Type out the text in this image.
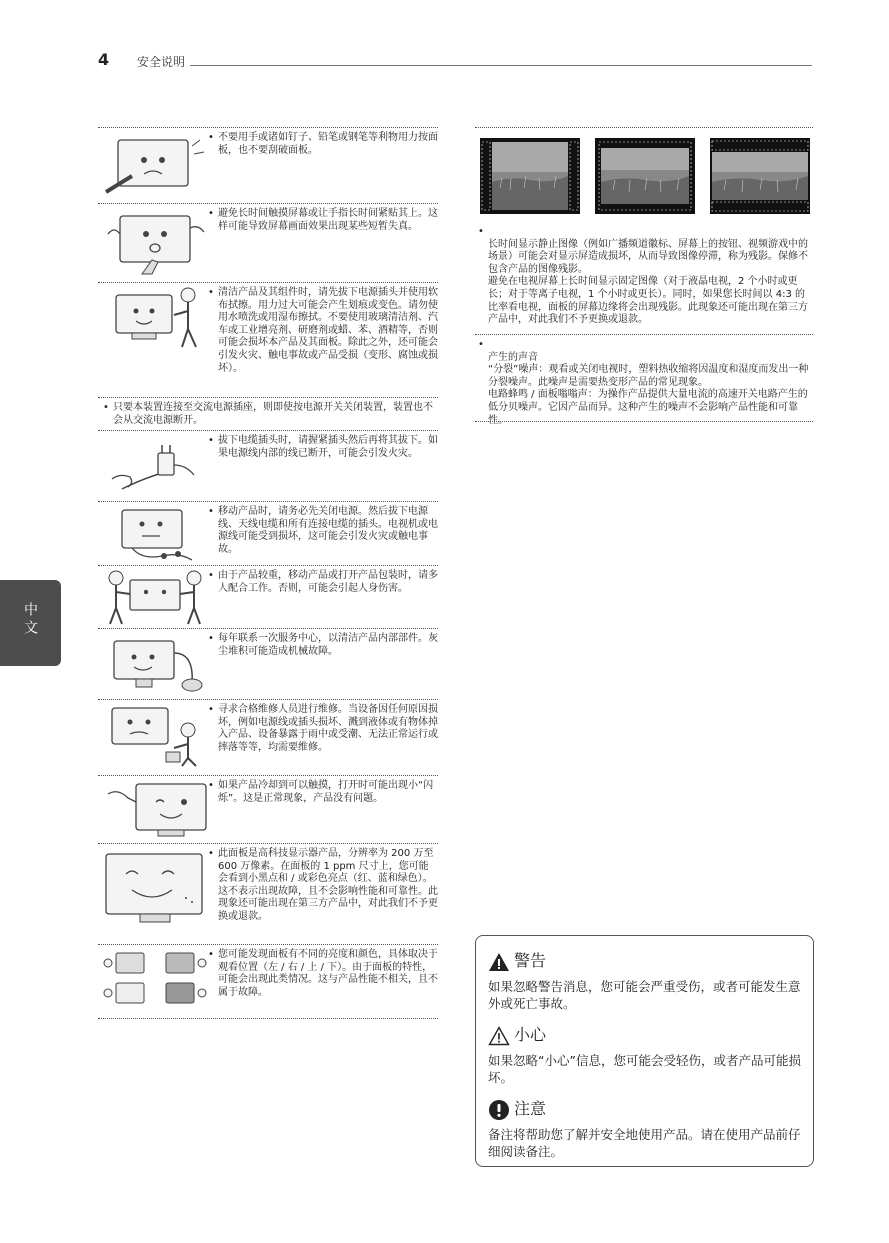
4 安全说明
中文
• 不要用手或诸如钉子、铅笔或钢笔等利物用力按面板，也不要刮破面板。
• 避免长时间触摸屏幕或让手指长时间紧贴其上。这样可能导致屏幕画面效果出现某些短暂失真。
• 清洁产品及其组件时，请先拔下电源插头并使用软布拭擦。用力过大可能会产生划痕或变色。请勿使用水喷洗或用湿布擦拭。不要使用玻璃清洁剂、汽车或工业增亮剂、研磨剂或蜡、苯、酒精等，否则可能会损坏本产品及其面板。除此之外，还可能会引发火灾、触电事故或产品受损（变形、腐蚀或损坏）。
• 只要本装置连接至交流电源插座，则即使按电源开关关闭装置，装置也不会从交流电源断开。
• 拔下电缆插头时，请握紧插头然后再将其拔下。如果电源线内部的线已断开，可能会引发火灾。
• 移动产品时，请务必先关闭电源。然后拔下电源线、天线电缆和所有连接电缆的插头。电视机或电源线可能受到损坏，这可能会引发火灾或触电事故。
• 由于产品较重，移动产品或打开产品包装时，请多人配合工作。否则，可能会引起人身伤害。
• 每年联系一次服务中心，以清洁产品内部部件。灰尘堆积可能造成机械故障。
• 寻求合格维修人员进行维修。当设备因任何原因损坏，例如电源线或插头损坏、溅到液体或有物体掉入产品、设备暴露于雨中或受潮、无法正常运行或摔落等等，均需要维修。
• 如果产品冷却到可以触摸，打开时可能出现小“闪烁”。这是正常现象，产品没有问题。
• 此面板是高科技显示器产品，分辨率为 200 万至 600 万像素。在面板的 1 ppm 尺寸上，您可能会看到小黑点和 / 或彩色亮点（红、蓝和绿色）。这不表示出现故障，且不会影响性能和可靠性。此现象还可能出现在第三方产品中，对此我们不予更换或退款。
• 您可能发现面板有不同的亮度和颜色，具体取决于观看位置（左 / 右 / 上 / 下）。由于面板的特性，可能会出现此类情况。这与产品性能不相关，且不属于故障。

•
长时间显示静止图像（例如广播频道徽标、屏幕上的按钮、视频游戏中的场景）可能会对显示屏造成损坏，从而导致图像停滞，称为残影。保修不包含产品的图像残影。
避免在电视屏幕上长时间显示固定图像（对于液晶电视，2 个小时或更长；对于等离子电视，1 个小时或更长）。同时，如果您长时间以 4:3 的比率看电视，面板的屏幕边缘将会出现残影。此现象还可能出现在第三方产品中，对此我们不予更换或退款。

•
产生的声音
“分裂”噪声：观看或关闭电视时，塑料热收缩将因温度和湿度而发出一种分裂噪声。此噪声是需要热变形产品的常见现象。
电路蜂鸣 / 面板嗡嗡声：为操作产品提供大量电流的高速开关电路产生的低分贝噪声。它因产品而异。这种产生的噪声不会影响产品性能和可靠性。

警告
如果忽略警告消息，您可能会严重受伤，或者可能发生意外或死亡事故。
小心
如果忽略“小心”信息，您可能会受轻伤，或者产品可能损坏。
注意
备注将帮助您了解并安全地使用产品。请在使用产品前仔细阅读备注。
